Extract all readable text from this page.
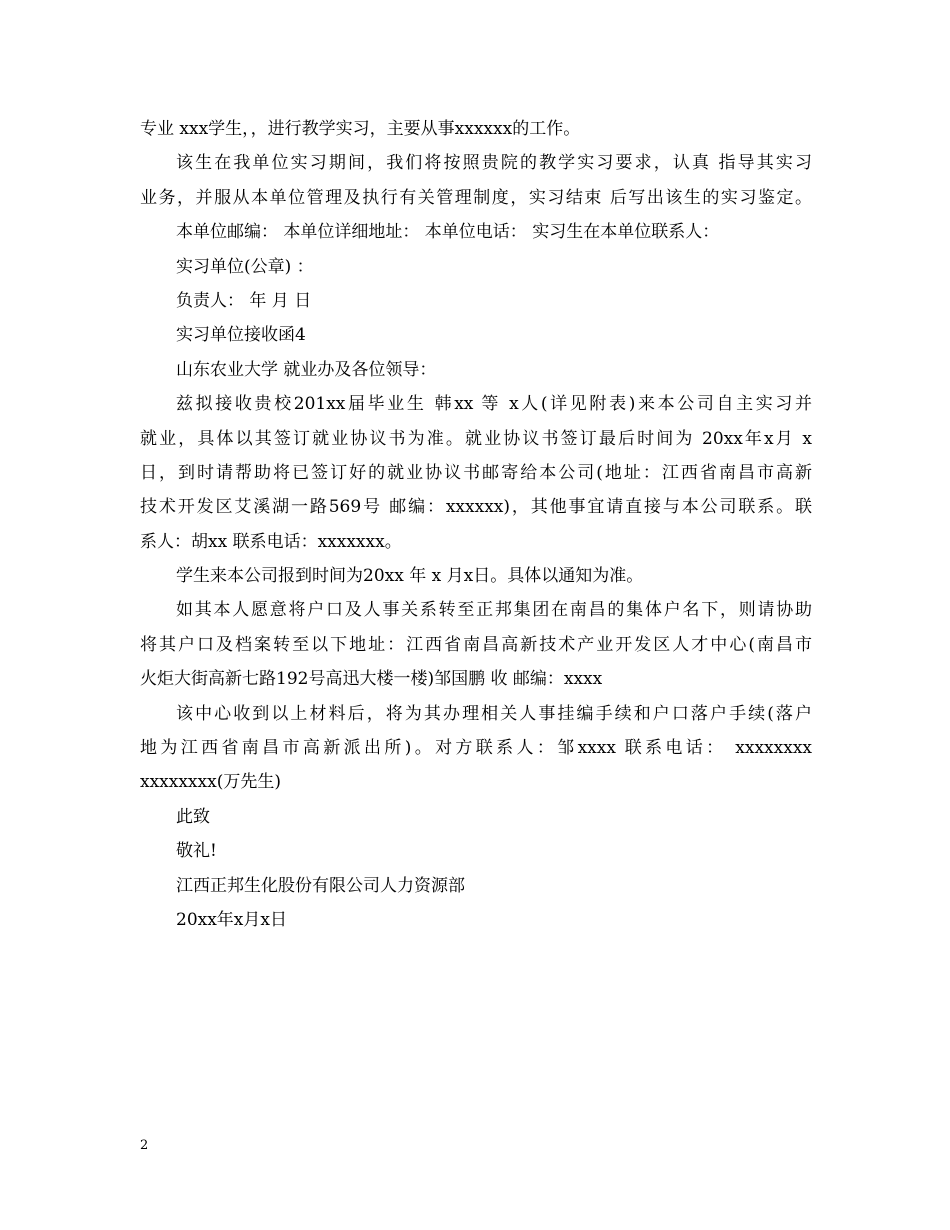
专业 xxx学生，，进行教学实习，主要从事xxxxxx的工作。
该生在我单位实习期间，我们将按照贵院的教学实习要求，认真 指导其实习
业务，并服从本单位管理及执行有关管理制度，实习结束 后写出该生的实习鉴定。
本单位邮编： 本单位详细地址： 本单位电话： 实习生在本单位联系人：
实习单位(公章) ：
负责人： 年 月 日
实习单位接收函4
山东农业大学 就业办及各位领导：
兹拟接收贵校201xx届毕业生 韩xx 等 x人(详见附表)来本公司自主实习并
就业，具体以其签订就业协议书为准。就业协议书签订最后时间为 20xx年x月 x
日，到时请帮助将已签订好的就业协议书邮寄给本公司(地址：江西省南昌市高新
技术开发区艾溪湖一路569号 邮编：xxxxxx)，其他事宜请直接与本公司联系。联
系人：胡xx 联系电话：xxxxxxx。
学生来本公司报到时间为20xx 年 x 月x日。具体以通知为准。
如其本人愿意将户口及人事关系转至正邦集团在南昌的集体户名下，则请协助
将其户口及档案转至以下地址：江西省南昌高新技术产业开发区人才中心(南昌市
火炬大街高新七路192号高迅大楼一楼)邹国鹏 收 邮编：xxxx
该中心收到以上材料后，将为其办理相关人事挂编手续和户口落户手续(落户
地为江西省南昌市高新派出所)。对方联系人：邹xxxx 联系电话： xxxxxxxx
xxxxxxxx(万先生)
此致
敬礼!
江西正邦生化股份有限公司人力资源部
20xx年x月x日
2
